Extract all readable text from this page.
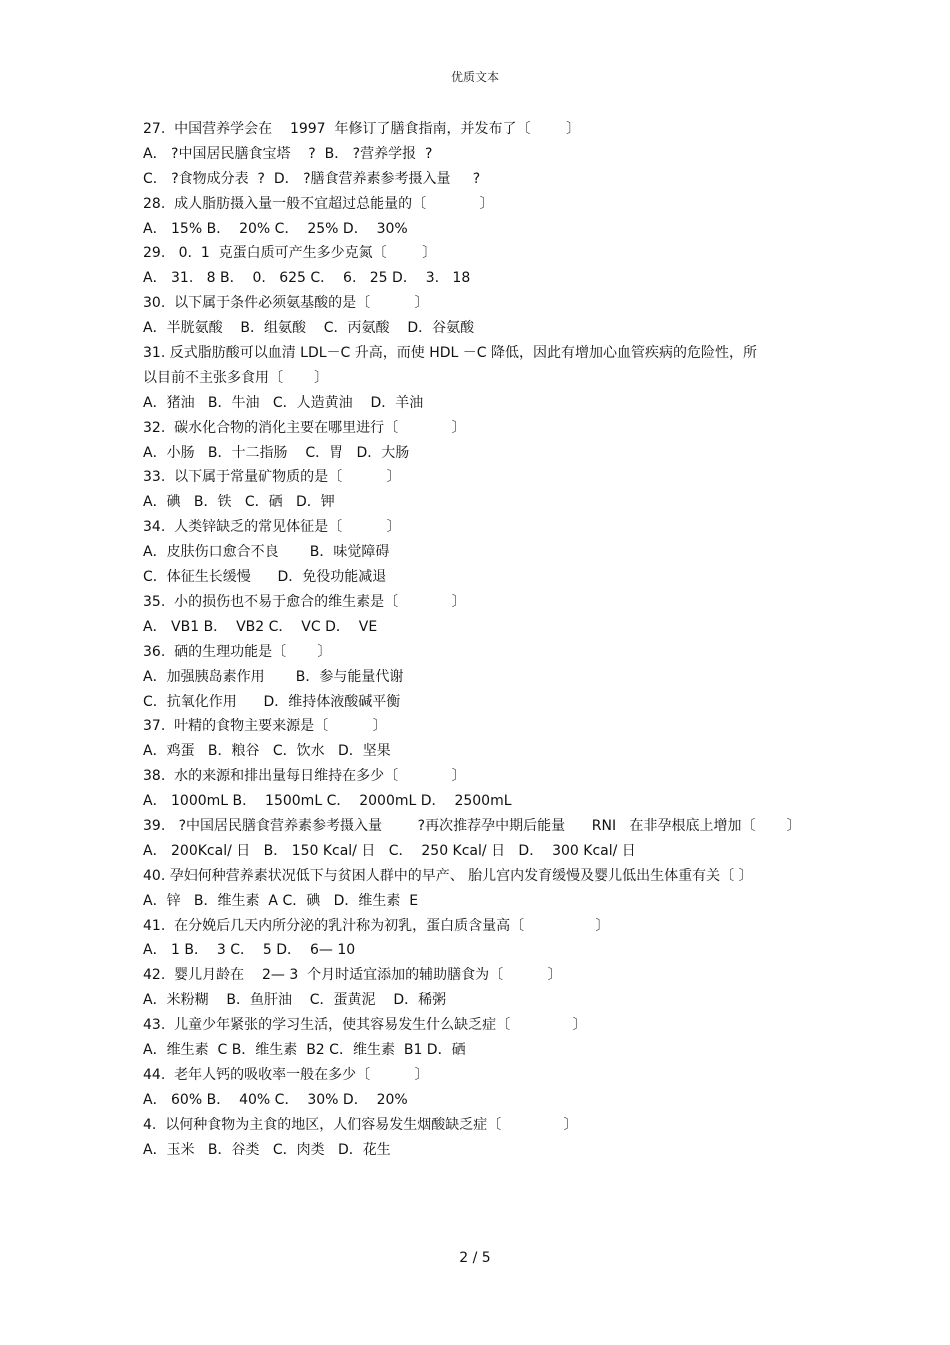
优质文本
27.  中国营养学会在    1997  年修订了膳食指南，并发布了〔        〕
A． ?中国居民膳食宝塔    ?  B． ?营养学报  ?
C． ?食物成分表  ?  D． ?膳食营养素参考摄入量     ?
28.  成人脂肪摄入量一般不宜超过总能量的〔            〕
A． 15% B．  20% C．  25% D．  30%
29.   0.  1  克蛋白质可产生多少克氮〔        〕
A． 31.   8 B．  0.   625 C．  6.   25 D．  3.   18
30.  以下属于条件必须氨基酸的是〔          〕
A．半胱氨酸    B．组氨酸    C．丙氨酸    D．谷氨酸
31. 反式脂肪酸可以血清 LDL－C 升高，而使 HDL －C 降低，因此有增加心血管疾病的危险性，所
以目前不主张多食用〔       〕
A．猪油   B．牛油   C．人造黄油    D．羊油
32.  碳水化合物的消化主要在哪里进行〔            〕
A．小肠   B．十二指肠    C．胃   D．大肠
33.  以下属于常量矿物质的是〔          〕
A．碘   B．铁   C．硒   D．钾
34.  人类锌缺乏的常见体征是〔          〕
A．皮肤伤口愈合不良       B．味觉障碍
C．体征生长缓慢      D．免役功能减退
35.  小的损伤也不易于愈合的维生素是〔            〕
A． VB1 B．  VB2 C．  VC D．  VE
36.  硒的生理功能是〔       〕
A．加强胰岛素作用       B．参与能量代谢
C．抗氧化作用      D．维持体液酸碱平衡
37.  叶精的食物主要来源是〔          〕
A．鸡蛋   B．粮谷   C．饮水   D．坚果
38.  水的来源和排出量每日维持在多少〔            〕
A． 1000mL B．  1500mL C．  2000mL D．  2500mL
39.   ?中国居民膳食营养素参考摄入量        ?再次推荐孕中期后能量      RNI   在非孕根底上增加〔       〕
A． 200Kcal/ 日   B． 150 Kcal/ 日   C．  250 Kcal/ 日   D．  300 Kcal/ 日
40. 孕妇何种营养素状况低下与贫困人群中的早产、 胎儿宫内发育缓慢及婴儿低出生体重有关〔 〕
A．锌   B．维生素  A C．碘   D．维生素  E
41.  在分娩后几天内所分泌的乳汁称为初乳，蛋白质含量高〔                〕
A． 1 B．  3 C．  5 D．  6— 10
42.  婴儿月龄在    2— 3  个月时适宜添加的辅助膳食为〔          〕
A．米粉糊    B．鱼肝油    C．蛋黄泥    D．稀粥
43.  儿童少年紧张的学习生活，使其容易发生什么缺乏症〔              〕
A．维生素  C B．维生素  B2 C．维生素  B1 D．硒
44.  老年人钙的吸收率一般在多少〔          〕
A． 60% B．  40% C．  30% D．  20%
4.  以何种食物为主食的地区，人们容易发生烟酸缺乏症〔              〕
A．玉米   B．谷类   C．肉类   D．花生
2 / 5
